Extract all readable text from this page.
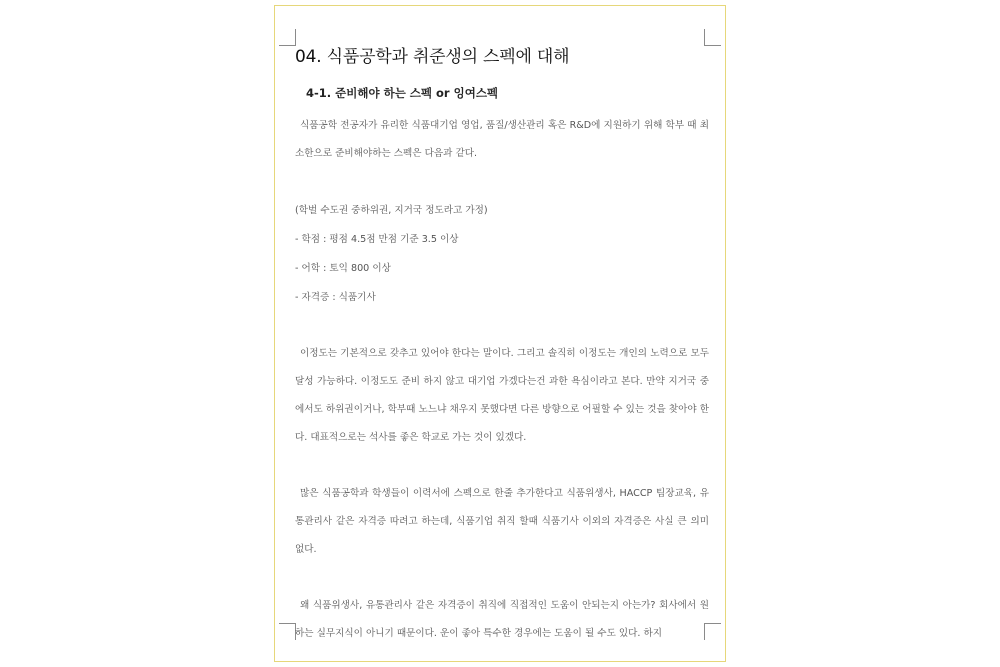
04. 식품공학과 취준생의 스펙에 대해
4-1. 준비해야 하는 스펙 or 잉여스펙

식품공학 전공자가 유리한 식품대기업 영업, 품질/생산관리 혹은 R&D에 지원하기 위해 학부 때 최소한으로 준비해야하는 스펙은 다음과 같다.

(학벌 수도권 중하위권, 지거국 정도라고 가정)

- 학점 : 평점 4.5점 만점 기준 3.5 이상

- 어학 : 토익 800 이상

- 자격증 : 식품기사

이정도는 기본적으로 갖추고 있어야 한다는 말이다. 그리고 솔직히 이정도는 개인의 노력으로 모두 달성 가능하다. 이정도도 준비 하지 않고 대기업 가겠다는건 과한 욕심이라고 본다. 만약 지거국 중에서도 하위권이거나, 학부때 노느냐 채우지 못했다면 다른 방향으로 어필할 수 있는 것을 찾아야 한다. 대표적으로는 석사를 좋은 학교로 가는 것이 있겠다.

많은 식품공학과 학생들이 이력서에 스펙으로 한줄 추가한다고 식품위생사, HACCP 팀장교육, 유통관리사 같은 자격증 따려고 하는데, 식품기업 취직 할때 식품기사 이외의 자격증은 사실 큰 의미 없다.

왜 식품위생사, 유통관리사 같은 자격증이 취직에 직접적인 도움이 안되는지 아는가? 회사에서 원하는 실무지식이 아니기 때문이다. 운이 좋아 특수한 경우에는 도움이 될 수도 있다. 하지
